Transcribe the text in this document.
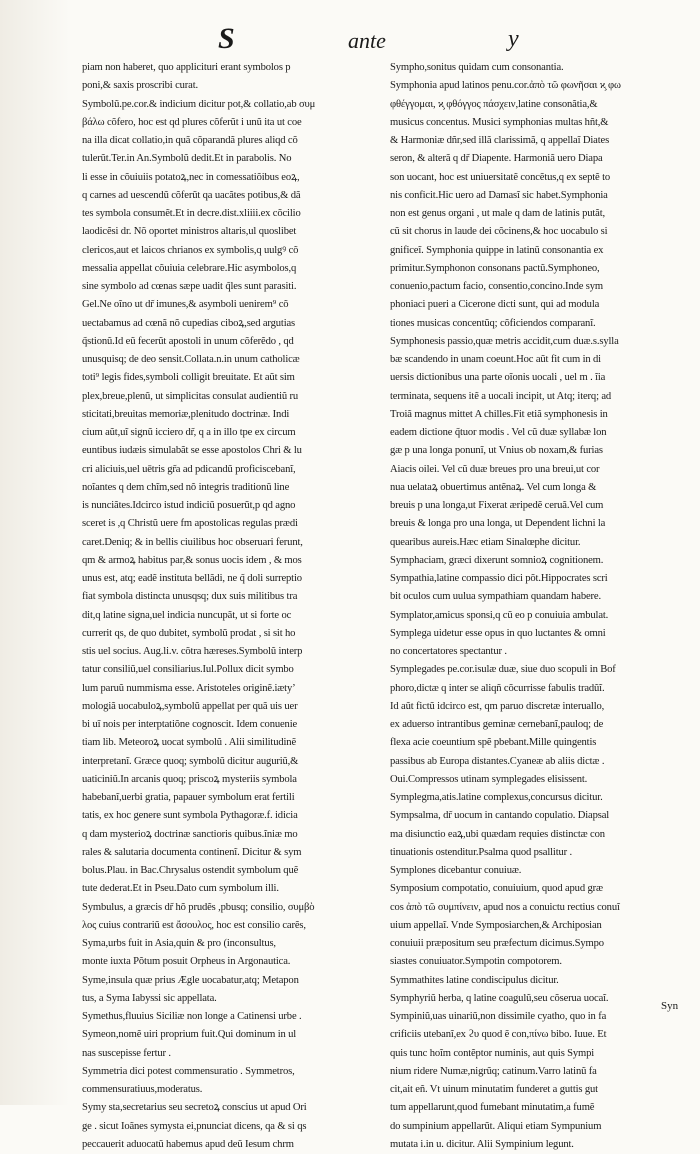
S	ante	y
piam non haberet, quo applicituri erant symbolos p
poni,& saxis proscribi curat.
Symbolũ.pe.cor.& indicium dicitur pot,& collatio,ab συμ
βάλω cõfero, hoc est qd plures cõferũt i unũ ita ut coe
na illa dicat collatio,in quã cõparandã plures aliqd cõ
tulerũt.Ter.in An.Symbolũ dedit.Et in parabolis. No
li esse in cõuiuiis potatoꝝ,nec in comessatiõibus eoꝝ,
q carnes ad uescendũ cõferũt qa uacãtes potibus,& dã
tes symbola consumẽt.Et in decre.dist.xliiii.ex cõcilio
laodicẽsi dr. Nõ oportet ministros altaris,ul quoslibet
clericos,aut et laicos chrianos ex symbolis,q uulgꝰ cõ
messalia appellat cõuiuia celebrare.Hic asymbolos,q
sine symbolo ad cœnas sæpe uadit q̃les sunt parasiti.
Gel.Ne oĩno ut dr̃ imunes,& asymboli uenirem⁹ cõ
uectabamus ad cœnã nõ cupedias ciboꝝ,sed argutias
q̃stionũ.Id eũ fecerũt apostoli in unum cõferẽdo , qd
unusquisq; de deo sensit.Collata.n.in unum catholicæ
toti⁹ legis fides,symboli colligit breuitate. Et aũt sim
plex,breue,plenũ, ut simplicitas consulat audientiũ ru
sticitati,breuitas memoriæ,plenitudo doctrinæ. Indi
cium aũt,uĩ signũ icciero dr̃, q a in illo tpe ex circum
euntibus iudæis simulabãt se esse apostolos Chri & lu
cri aliciuis,uel uētris gr̃a ad pdicandũ proficiscebanĩ,
noĩantes q dem chĩm,sed nõ integris traditionũ line
is nunciãtes.Idcirco istud indiciũ posuerũt,p qd agno
sceret is ,q Christũ uere fm apostolicas regulas prædi
caret.Deniq; & in bellis ciuilibus hoc obseruari ferunt,
qm & armoꝝ habitus par,& sonus uocis idem , & mos
unus est, atq; eadẽ instituta bellãdi, ne q̃ doli surreptio
fiat symbola distincta unusqsq; dux suis militibus tra
dit,q latine signa,uel indicia nuncupãt, ut si forte oc
currerit qs, de quo dubitet, symbolũ prodat , si sit ho
stis uel socius. Aug.li.v. cõtra hæreses.Symbolũ interp
tatur consiliũ,uel consiliarius.Iul.Pollux dicit symbo
lum paruũ nummisma esse. Aristoteles originẽ.iætyʼ
mologiã uocabuloꝝ,symbolũ appellat per quã uis uer
bi uĩ nois per interptatiõne cognoscit. Idem conuenie
tiam lib. Meteoroꝝ uocat symbolũ . Alii similitudinẽ
interpretanĩ. Græce quoq; symbolũ dicitur auguriũ,&
uaticiniũ.In arcanis quoq; priscoꝝ mysteriis symbola
habebanĩ,uerbi gratia, papauer symbolum erat fertili
tatis, ex hoc genere sunt symbola Pythagoræ.f. idicia
q dam mysterioꝝ doctrinæ sanctioris quibus.ĩniæ mo
rales & salutaria documenta continenĩ. Dicitur & sym
bolus.Plau. in Bac.Chrysalus ostendit symbolum quẽ
tute dederat.Et in Pseu.Dato cum symbolum illi.
Symbulus, a græcis dr̃ hõ prudẽs ,pbusq; consilio, συμβὸ
λος cuius contrariũ est ἄσουλος, hoc est consilio carẽs,
Syma,urbs fuit in Asia,quin & pro (inconsultus,
monte iuxta Põtum posuit Orpheus in Argonautica.
Syme,insula quæ prius Ægle uocabatur,atq; Metapon
tus, a Syma Iabyssi sic appellata.
Symethus,fluuius Siciliæ non longe a Catinensi urbe .
Symeon,nomẽ uiri proprium fuit.Qui dominum in ul
nas suscepisse fertur .
Symmetria dici potest commensuratio . Symmetros,
commensuratiuus,moderatus.
Symy sta,secretarius seu secretoꝝ conscius ut apud Ori
ge . sicut Ioãnes symysta ei,pnunciat dicens, qa & si qs
peccauerit aduocatũ habemus apud deũ Iesum chrm
Sympho,sonitus quidam cum consonantia.
Symphonia apud latinos penu.cor.ἀπὸ τῶ φωνῆσαι ϰ̧ φω
φθέγγομαι, ϰ̧ φθόγγος πάσχειν,latine consonãtia,&
musicus concentus. Musici symphonias multas hñt,&
& Harmoniæ dñr,sed illã clarissimã, q appellaĩ Diates
seron, & alterã q dr̃ Diapente. Harmoniã uero Diapa
son uocant, hoc est uniuersitatẽ concẽtus,q ex septẽ to
nis conficit.Hic uero ad Damasĩ sic habet.Symphonia
non est genus organi , ut male q dam de latinis putãt,
cũ sit chorus in laude dei cõcinens,& hoc uocabulo si
gnificeĩ. Symphonia quippe in latinũ consonantia ex
primitur.Symphonon consonans pactũ.Symphoneo,
conuenio,pactum facio, consentio,concino.Inde sym
phoniaci pueri a Cicerone dicti sunt, qui ad modula
tiones musicas concentũq; cõficiendos comparanĩ.
Symphonesis passio,quæ metris accidit,cum duæ.s.sylla
bæ scandendo in unam coeunt.Hoc aũt fit cum in di
uersis dictionibus una parte oĩonis uocali , uel m . ĩia
terminata, sequens itẽ a uocali incipit, ut Atq; iterq; ad
Troiã magnus mittet A chilles.Fit etiã symphonesis in
eadem dictione q̃tuor modis . Vel cũ duæ syllabæ lon
gæ p una longa ponunĩ, ut Vnius ob noxam,& furias
Aiacis oilei. Vel cũ duæ breues pro una breui,ut cor
nua uelataꝝ obuertimus antẽnaꝝ. Vel cum longa &
breuis p una longa,ut Fixerat æripedẽ ceruã.Vel cum
breuis & longa pro una longa, ut Dependent lichni la
quearibus aureis.Hæc etiam Sinalœphe dicitur.
Symphaciam, græci dixerunt somnioꝝ cognitionem.
Sympathia,latine compassio dici põt.Hippocrates scri
bit oculos cum uulua sympathiam quandam habere.
Symplator,amicus sponsi,q cũ eo p conuiuia ambulat.
Symplega uidetur esse opus in quo luctantes & omni
no concertatores spectantur .
Symplegades pe.cor.isulæ duæ, siue duo scopuli in Bof
phoro,dictæ q inter se aliqñ cõcurrisse fabulis tradũĩ.
Id aũt fictũ idcirco est, qm paruo discretæ interuallo,
ex aduerso intrantibus geminæ cernebanĩ,pauloq; de
flexa acie coeuntium spẽ pbebant.Mille quingentis
passibus ab Europa distantes.Cyaneæ ab aliis dictæ .
Oui.Compressos utinam symplegades elisissent.
Symplegma,atis.latine complexus,concursus dicitur.
Sympsalma, dr̃ uocum in cantando copulatio. Diapsal
ma disiunctio eaꝝ,ubi quædam requies distinctæ con
tinuationis ostenditur.Psalma quod psallitur .
Symplones dicebantur conuiuæ.
Symposium compotatio, conuiuium, quod apud græ
cos ἀπὸ τῶ συμπίνειν, apud nos a conuictu rectius conuĩ
uium appellaĩ. Vnde Symposiarchen,& Archiposian
conuiuii præpositum seu præfectum dicimus.Sympo
siastes conuiuator.Sympotin compotorem.
Symmathites latine condiscipulus dicitur.
Symphyriũ herba, q latine coagulũ,seu cõserua uocaĩ.
Sympiniũ,uas uinariũ,non dissimile cyatho, quo in fa
crificiis utebanĩ,ex ϩυ quod ẽ con,πίνω bibo. Iuue. Et
quis tunc hoĩm contẽptor numinis, aut quis Sympi
nium ridere Numæ,nigrũq; catinum.Varro latinũ fa
cit,ait eñ. Vt uinum minutatim funderet a guttis gut
tum appellarunt,quod fumebant minutatim,a fumẽ
do sumpinium appellarũt. Aliqui etiam Sympunium
mutata i.in u. dicitur. Alii Sympinium legunt.
Syn
